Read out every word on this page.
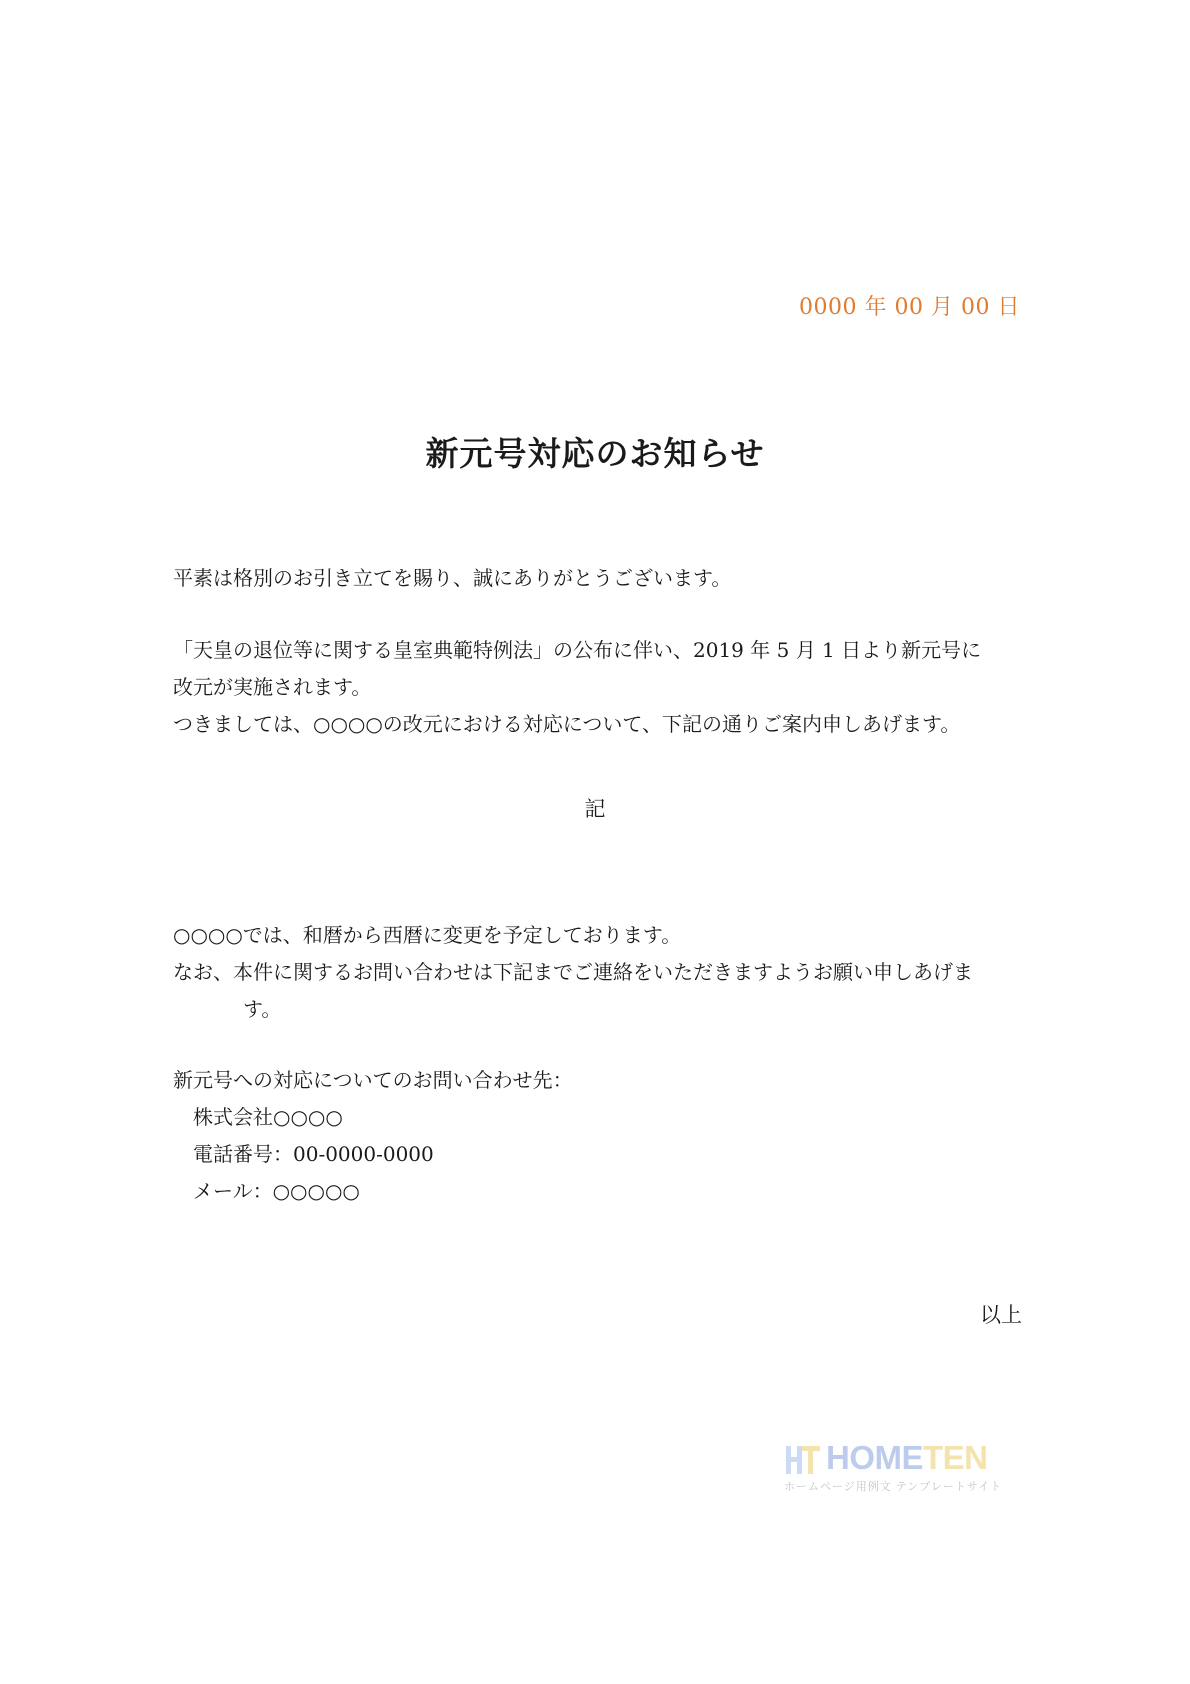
0000 年 00 月 00 日
新元号対応のお知らせ
平素は格別のお引き立てを賜り、誠にありがとうございます。
「天皇の退位等に関する皇室典範特例法」の公布に伴い、2019 年 5 月 1 日より新元号に
改元が実施されます。
つきましては、○○○○の改元における対応について、下記の通りご案内申しあげます。
記
○○○○では、和暦から西暦に変更を予定しております。
なお、本件に関するお問い合わせは下記までご連絡をいただきますようお願い申しあげま
す。
新元号への対応についてのお問い合わせ先：
株式会社○○○○
電話番号：00-0000-0000
メール：○○○○○
以上
HOMETEN
ホームページ用例文 テンプレートサイト
